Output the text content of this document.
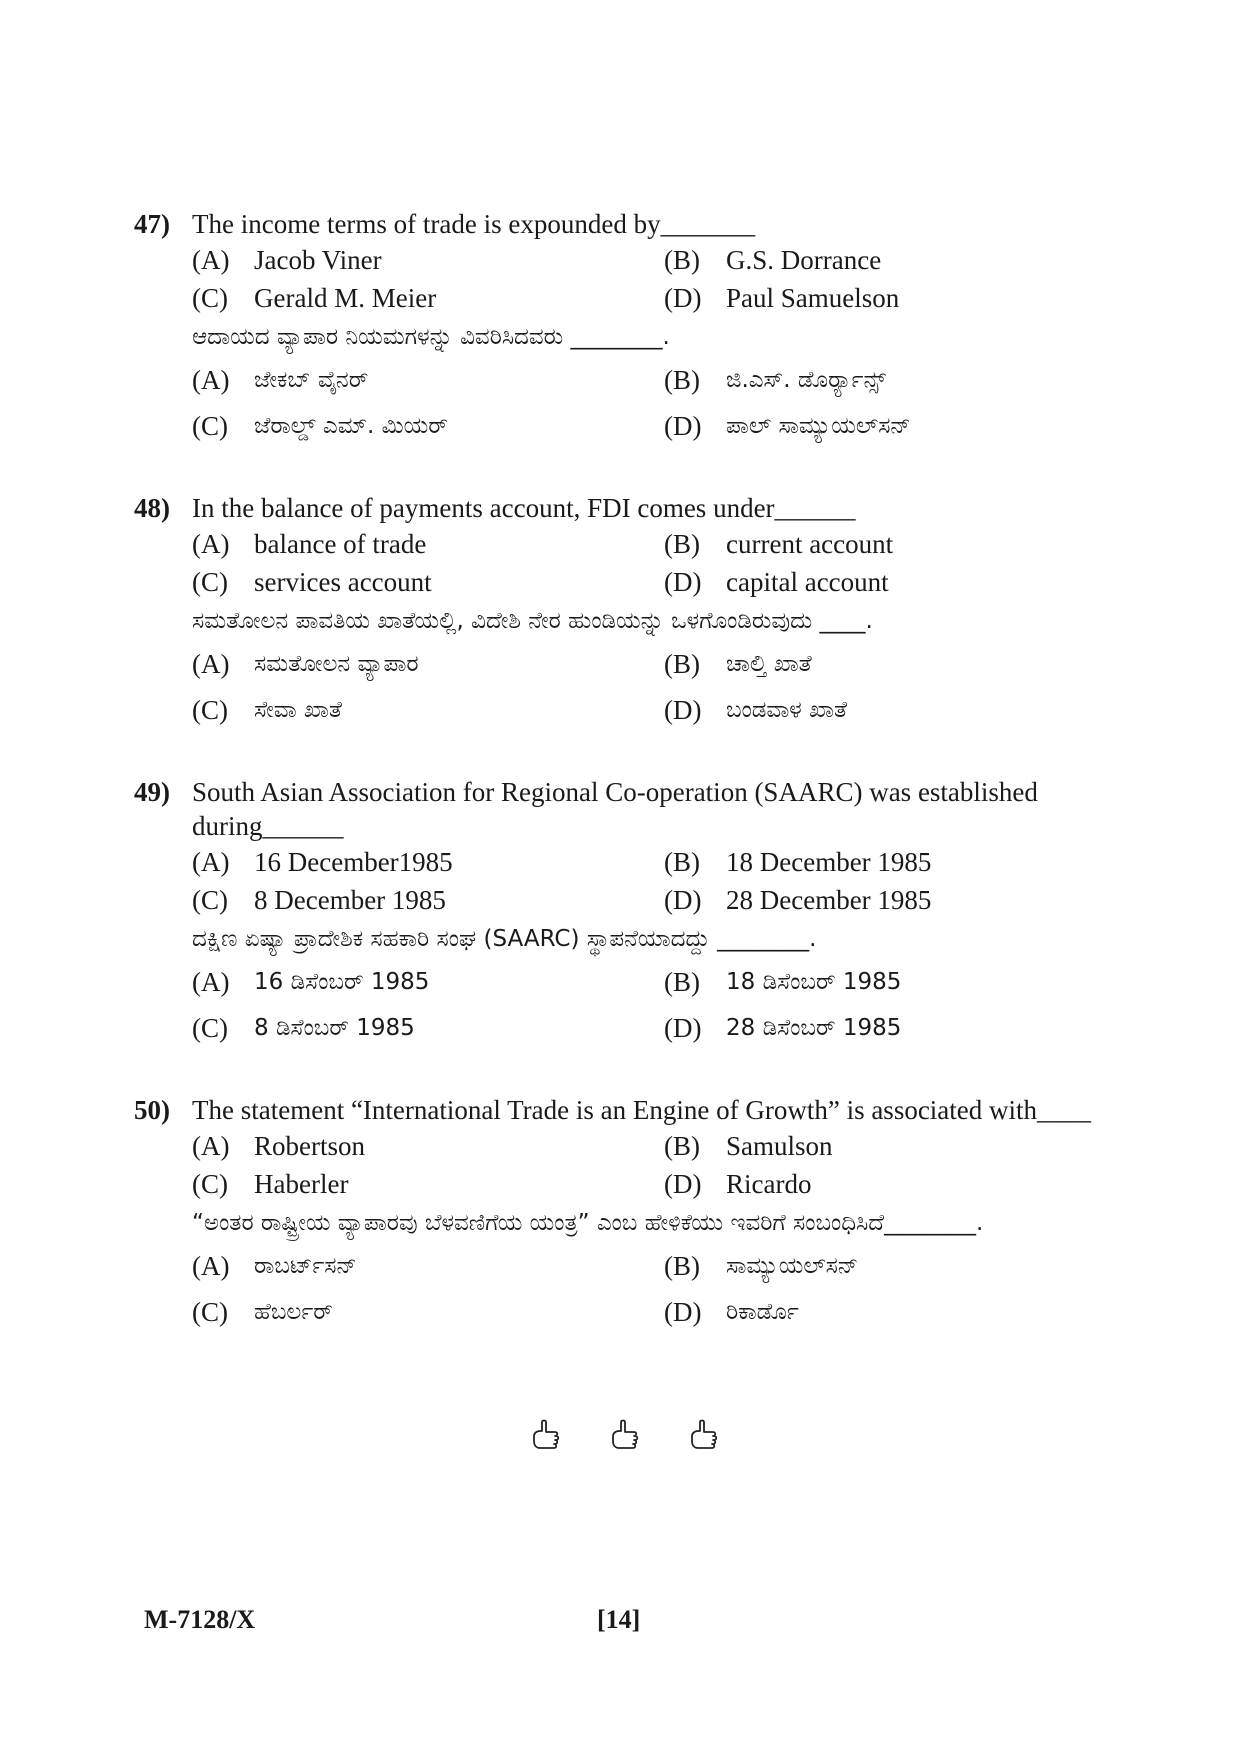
47) The income terms of trade is expounded by_______
(A) Jacob Viner	(B) G.S. Dorrance
(C) Gerald M. Meier	(D) Paul Samuelson
ಆದಾಯದ ವ್ಯಾಪಾರ ನಿಯಮಗಳನ್ನು ವಿವರಿಸಿದವರು ________.
(A)	ಜೇಕಬ್ ವೈನರ್	(B)	ಜಿ.ಎಸ್. ಡೊರ್ರ್ಯಾನ್ಸ್
(C)	ಜೆರಾಲ್ಡ್ ಎಮ್. ಮಿಯರ್	(D)	ಪಾಲ್ ಸಾಮ್ಯುಯಲ್‌ಸನ್
48) In the balance of payments account, FDI comes under______
(A) balance of trade	(B) current account
(C) services account	(D) capital account
ಸಮತೋಲನ ಪಾವತಿಯ ಖಾತೆಯಲ್ಲಿ, ವಿದೇಶಿ ನೇರ ಹುಂಡಿಯನ್ನು ಒಳಗೊಂಡಿರುವುದು ____.
(A)	ಸಮತೋಲನ ವ್ಯಾಪಾರ	(B)	ಚಾಲ್ತಿ ಖಾತೆ
(C)	ಸೇವಾ ಖಾತೆ	(D)	ಬಂಡವಾಳ ಖಾತೆ
49) South Asian Association for Regional Co-operation (SAARC) was established during______
(A) 16 December1985	(B) 18 December 1985
(C) 8 December 1985	(D) 28 December 1985
ದಕ್ಷಿಣ ಏಷ್ಯಾ ಪ್ರಾದೇಶಿಕ ಸಹಕಾರಿ ಸಂಘ (SAARC) ಸ್ಥಾಪನೆಯಾದದ್ದು ________.
(A)	16 ಡಿಸೆಂಬರ್ 1985	(B)	18 ಡಿಸೆಂಬರ್ 1985
(C)	8 ಡಿಸೆಂಬರ್ 1985	(D)	28 ಡಿಸೆಂಬರ್ 1985
50) The statement “International Trade is an Engine of Growth” is associated with____
(A) Robertson	(B) Samulson
(C) Haberler	(D) Ricardo
“ಅಂತರ ರಾಷ್ಟ್ರೀಯ ವ್ಯಾಪಾರವು ಬೆಳವಣಿಗೆಯ ಯಂತ್ರ” ಎಂಬ ಹೇಳಿಕೆಯು ಇವರಿಗೆ ಸಂಬಂಧಿಸಿದೆ________.
(A)	ರಾಬರ್ಟ್‌ಸನ್	(B)	ಸಾಮ್ಯುಯಲ್‌ಸನ್
(C)	ಹೆಬರ್ಲರ್	(D)	ರಿಕಾರ್ಡೊ
M-7128/X	[14]
